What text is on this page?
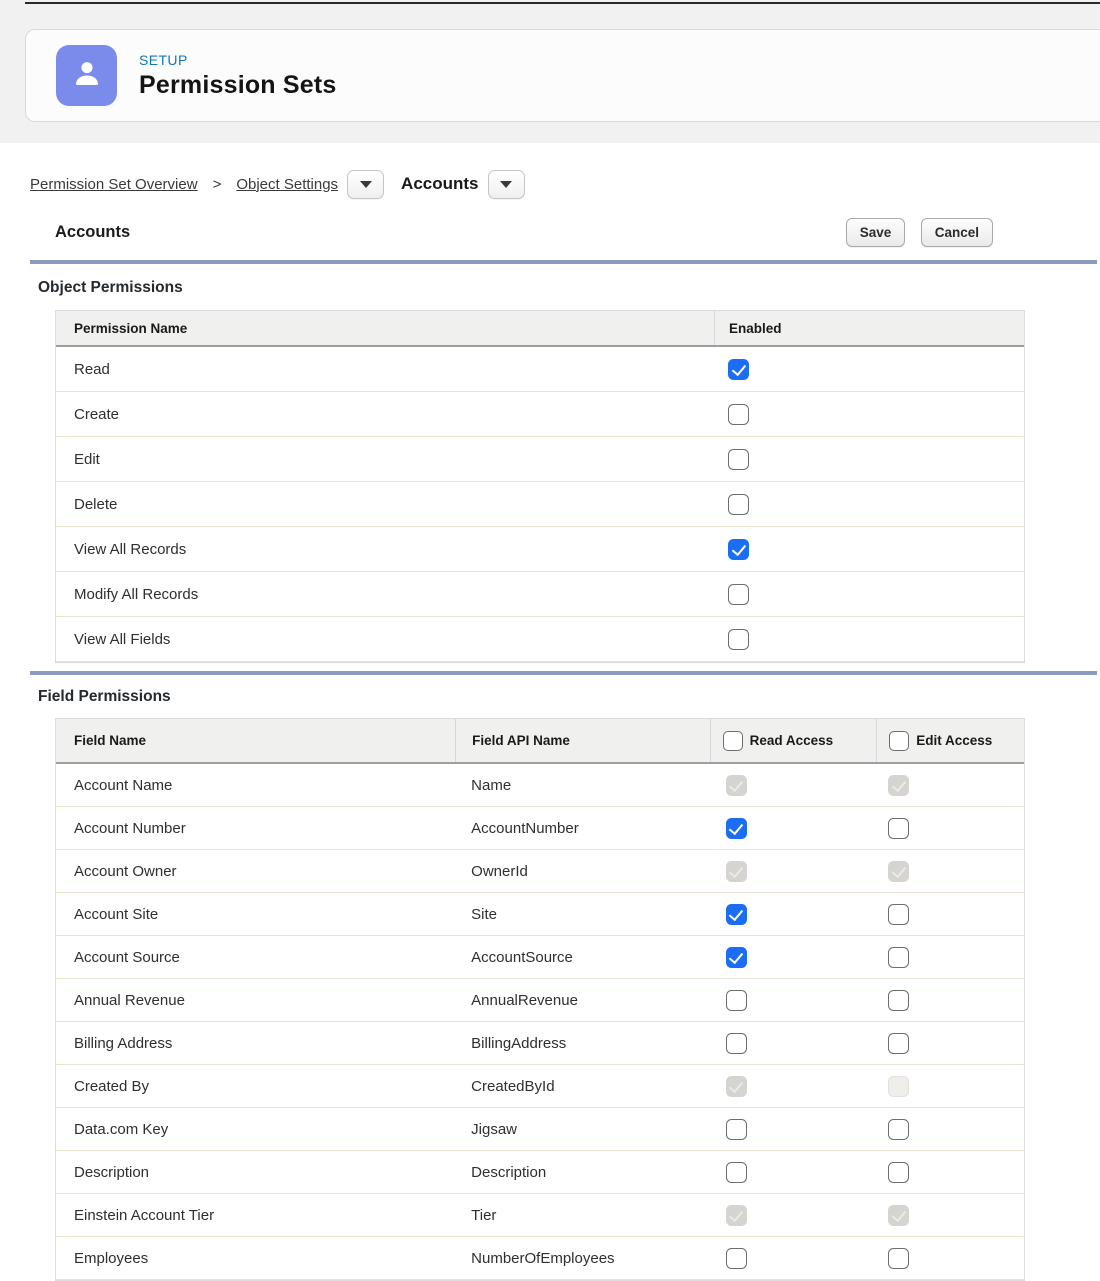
SETUP
Permission Sets
Permission Set Overview > Object Settings	Accounts
Accounts	Save	Cancel
Object Permissions
Permission Name	Enabled
Read
Create
Edit
Delete
View All Records
Modify All Records
View All Fields
Field Permissions
Field Name	Field API Name	Read Access	Edit Access
Account Name	Name
Account Number	AccountNumber
Account Owner	OwnerId
Account Site	Site
Account Source	AccountSource
Annual Revenue	AnnualRevenue
Billing Address	BillingAddress
Created By	CreatedById
Data.com Key	Jigsaw
Description	Description
Einstein Account Tier	Tier
Employees	NumberOfEmployees
